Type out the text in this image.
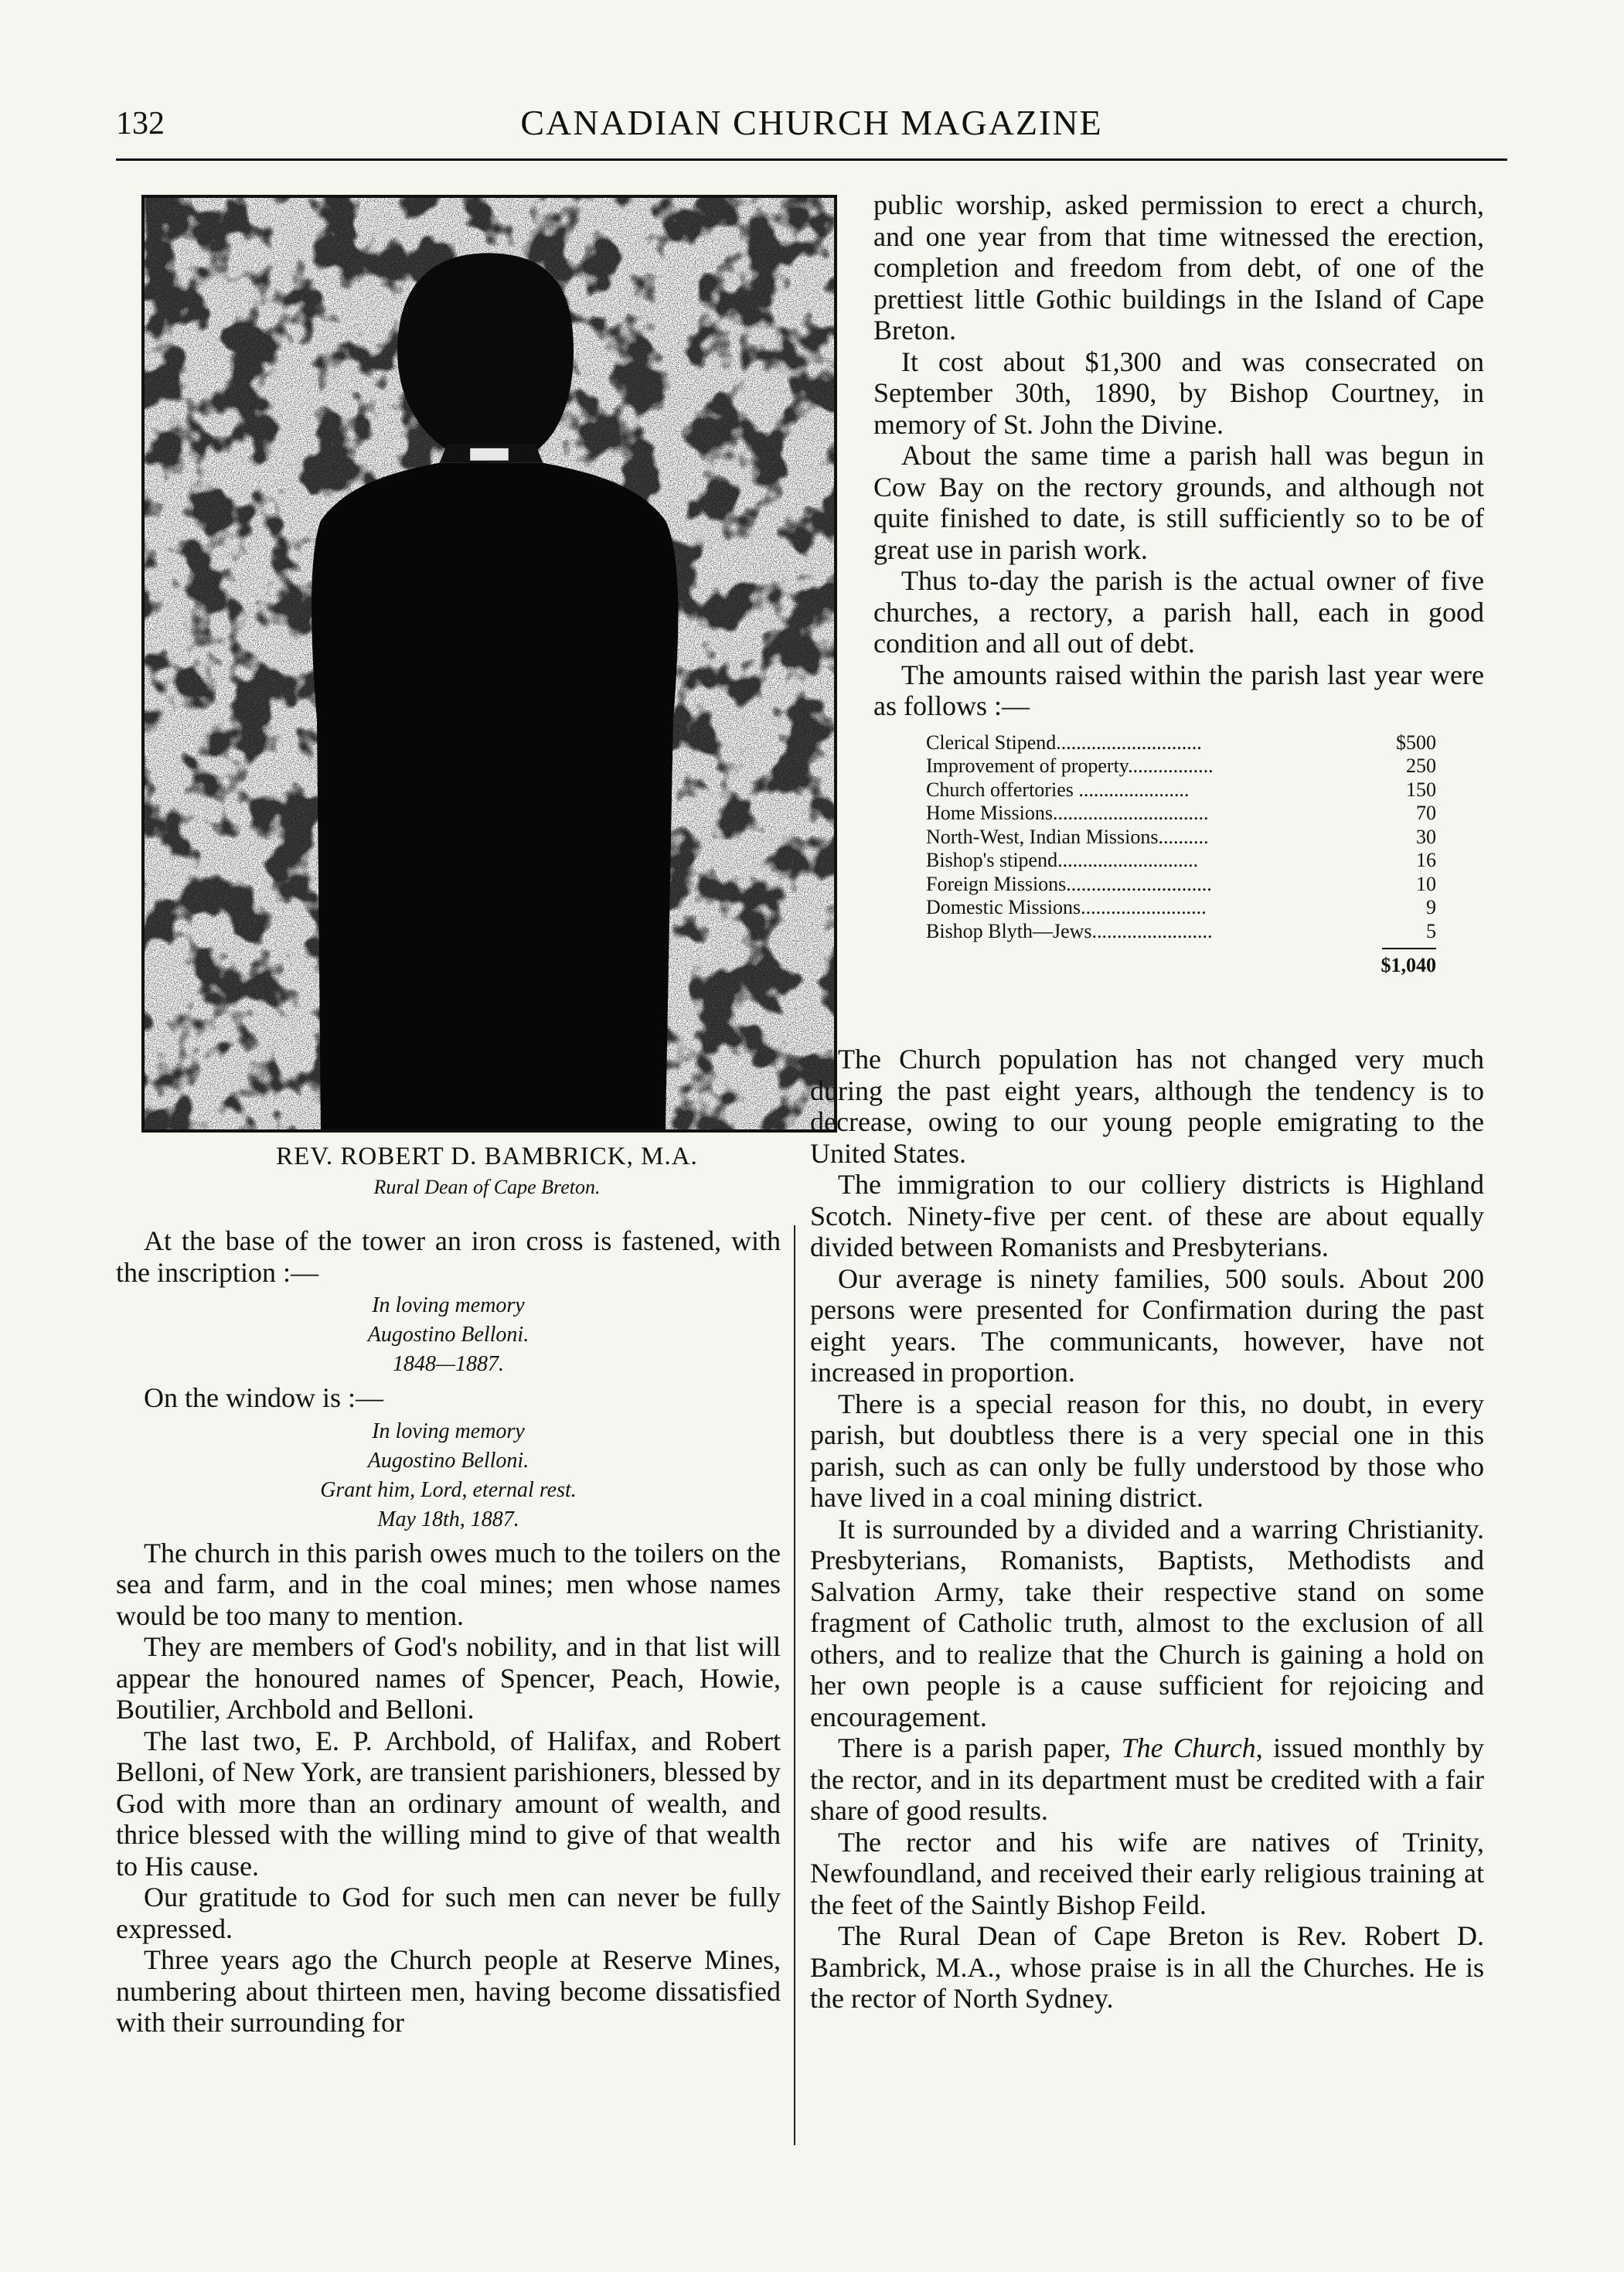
132	CANADIAN CHURCH MAGAZINE
REV. ROBERT D. BAMBRICK, M.A.
Rural Dean of Cape Breton.

public worship, asked permission to erect a church, and one year from that time witnessed the erection, completion and freedom from debt, of one of the prettiest little Gothic buildings in the Island of Cape Breton.

It cost about $1,300 and was consecrated on September 30th, 1890, by Bishop Courtney, in memory of St. John the Divine.

About the same time a parish hall was begun in Cow Bay on the rectory grounds, and although not quite finished to date, is still sufficiently so to be of great use in parish work.

Thus to-day the parish is the actual owner of five churches, a rectory, a parish hall, each in good condition and all out of debt.

The amounts raised within the parish last year were as follows :—

Clerical Stipend.............................	$500
Improvement of property.................	250
Church offertories ......................	150
Home Missions...............................	70
North-West, Indian Missions..........	30
Bishop's stipend............................	16
Foreign Missions.............................	10
Domestic Missions.........................	9
Bishop Blyth—Jews........................	5
$1,040

The Church population has not changed very much during the past eight years, although the tendency is to decrease, owing to our young people emigrating to the United States.

The immigration to our colliery districts is Highland Scotch. Ninety-five per cent. of these are about equally divided between Romanists and Presbyterians.

Our average is ninety families, 500 souls. About 200 persons were presented for Confirmation during the past eight years. The communicants, however, have not increased in proportion.

There is a special reason for this, no doubt, in every parish, but doubtless there is a very special one in this parish, such as can only be fully understood by those who have lived in a coal mining district.

It is surrounded by a divided and a warring Christianity. Presbyterians, Romanists, Baptists, Methodists and Salvation Army, take their respective stand on some fragment of Catholic truth, almost to the exclusion of all others, and to realize that the Church is gaining a hold on her own people is a cause sufficient for rejoicing and encouragement.

There is a parish paper, The Church, issued monthly by the rector, and in its department must be credited with a fair share of good results.

The rector and his wife are natives of Trinity, Newfoundland, and received their early religious training at the feet of the Saintly Bishop Feild.

The Rural Dean of Cape Breton is Rev. Robert D. Bambrick, M.A., whose praise is in all the Churches. He is the rector of North Sydney.

At the base of the tower an iron cross is fastened, with the inscription :—

In loving memory
Augostino Belloni.
1848—1887.
On the window is :—
In loving memory
Augostino Belloni.
Grant him, Lord, eternal rest.
May 18th, 1887.

The church in this parish owes much to the toilers on the sea and farm, and in the coal mines; men whose names would be too many to mention.

They are members of God's nobility, and in that list will appear the honoured names of Spencer, Peach, Howie, Boutilier, Archbold and Belloni.

The last two, E. P. Archbold, of Halifax, and Robert Belloni, of New York, are transient parishioners, blessed by God with more than an ordinary amount of wealth, and thrice blessed with the willing mind to give of that wealth to His cause.

Our gratitude to God for such men can never be fully expressed.

Three years ago the Church people at Reserve Mines, numbering about thirteen men, having become dissatisfied with their surrounding for
